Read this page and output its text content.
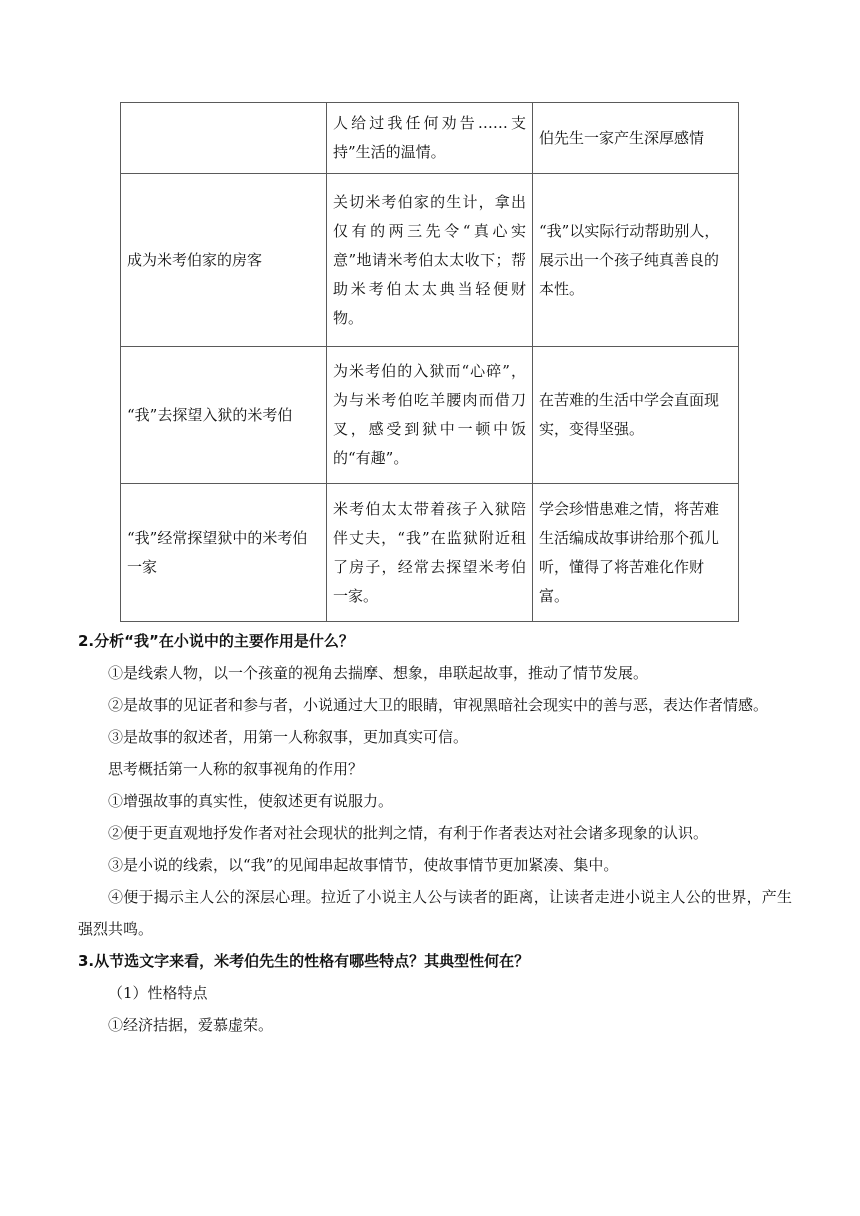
	人给过我任何劝告……支持”生活的温情。	伯先生一家产生深厚感情

成为米考伯家的房客	关切米考伯家的生计，拿出仅有的两三先令“真心实意”地请米考伯太太收下；帮助米考伯太太典当轻便财物。	“我”以实际行动帮助别人，
展示出一个孩子纯真善良的本性。

“我”去探望入狱的米考伯	为米考伯的入狱而“心碎”，为与米考伯吃羊腰肉而借刀叉，感受到狱中一顿中饭的“有趣”。	在苦难的生活中学会直面现实，变得坚强。

“我”经常探望狱中的米考伯一家	米考伯太太带着孩子入狱陪伴丈夫，“我”在监狱附近租了房子，经常去探望米考伯一家。	学会珍惜患难之情，将苦难生活编成故事讲给那个孤儿听，懂得了将苦难化作财富。

2.分析“我”在小说中的主要作用是什么？

①是线索人物，以一个孩童的视角去揣摩、想象，串联起故事，推动了情节发展。

②是故事的见证者和参与者，小说通过大卫的眼睛，审视黑暗社会现实中的善与恶，表达作者情感。

③是故事的叙述者，用第一人称叙事，更加真实可信。

思考概括第一人称的叙事视角的作用？

①增强故事的真实性，使叙述更有说服力。

②便于更直观地抒发作者对社会现状的批判之情，有利于作者表达对社会诸多现象的认识。

③是小说的线索，以“我”的见闻串起故事情节，使故事情节更加紧凑、集中。

④便于揭示主人公的深层心理。拉近了小说主人公与读者的距离，让读者走进小说主人公的世界，产生强烈共鸣。

3.从节选文字来看，米考伯先生的性格有哪些特点？其典型性何在？

（1）性格特点

①经济拮据，爱慕虚荣。
